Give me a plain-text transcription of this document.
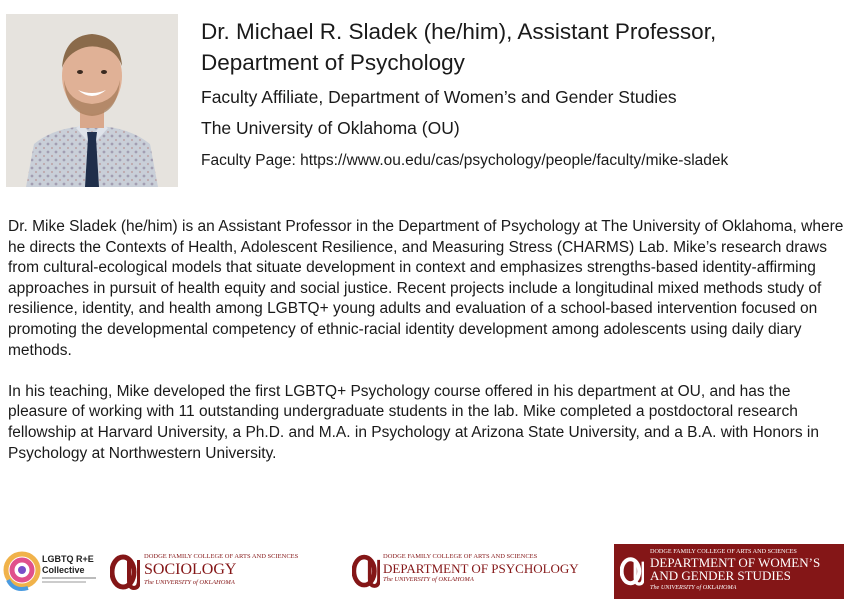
Dr. Michael R. Sladek (he/him), Assistant Professor,
Department of Psychology
Faculty Affiliate, Department of Women’s and Gender Studies
The University of Oklahoma (OU)
Faculty Page: https://www.ou.edu/cas/psychology/people/faculty/mike-sladek

Dr. Mike Sladek (he/him) is an Assistant Professor in the Department of Psychology at The University of Oklahoma, where he directs the Contexts of Health, Adolescent Resilience, and Measuring Stress (CHARMS) Lab. Mike’s research draws from cultural-ecological models that situate development in context and emphasizes strengths-based identity-affirming approaches in pursuit of health equity and social justice. Recent projects include a longitudinal mixed methods study of resilience, identity, and health among LGBTQ+ young adults and evaluation of a school-based intervention focused on promoting the developmental competency of ethnic-racial identity development among adolescents using daily diary methods.

In his teaching, Mike developed the first LGBTQ+ Psychology course offered in his department at OU, and has the pleasure of working with 11 outstanding undergraduate students in the lab. Mike completed a postdoctoral research fellowship at Harvard University, a Ph.D. and M.A. in Psychology at Arizona State University, and a B.A. with Honors in Psychology at Northwestern University.

LGBTQ R+E
Collective
DODGE FAMILY COLLEGE OF ARTS AND SCIENCES
SOCIOLOGY
The UNIVERSITY of OKLAHOMA
DODGE FAMILY COLLEGE OF ARTS AND SCIENCES
DEPARTMENT OF PSYCHOLOGY
The UNIVERSITY of OKLAHOMA
DODGE FAMILY COLLEGE OF ARTS AND SCIENCES
DEPARTMENT OF WOMEN’S
AND GENDER STUDIES
The UNIVERSITY of OKLAHOMA
